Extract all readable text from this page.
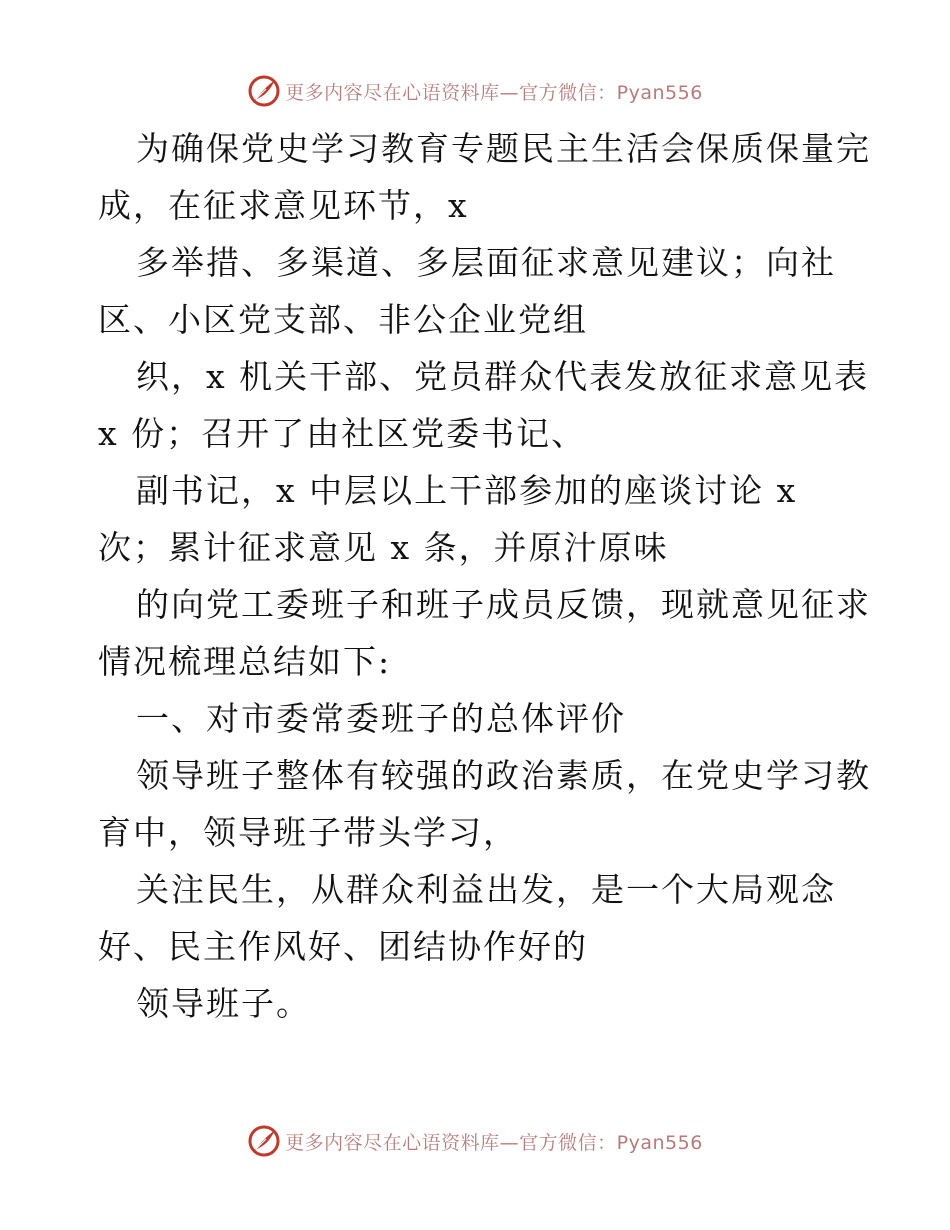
更多内容尽在心语资料库—官方微信：Pyan556
为确保党史学习教育专题民主生活会保质保量完
成，在征求意见环节，x
多举措、多渠道、多层面征求意见建议；向社
区、小区党支部、非公企业党组
织，x 机关干部、党员群众代表发放征求意见表
x 份；召开了由社区党委书记、
副书记，x 中层以上干部参加的座谈讨论 x
次；累计征求意见 x 条，并原汁原味
的向党工委班子和班子成员反馈，现就意见征求
情况梳理总结如下:
一、对市委常委班子的总体评价
领导班子整体有较强的政治素质，在党史学习教
育中，领导班子带头学习，
关注民生，从群众利益出发，是一个大局观念
好、民主作风好、团结协作好的
领导班子。
更多内容尽在心语资料库—官方微信：Pyan556
